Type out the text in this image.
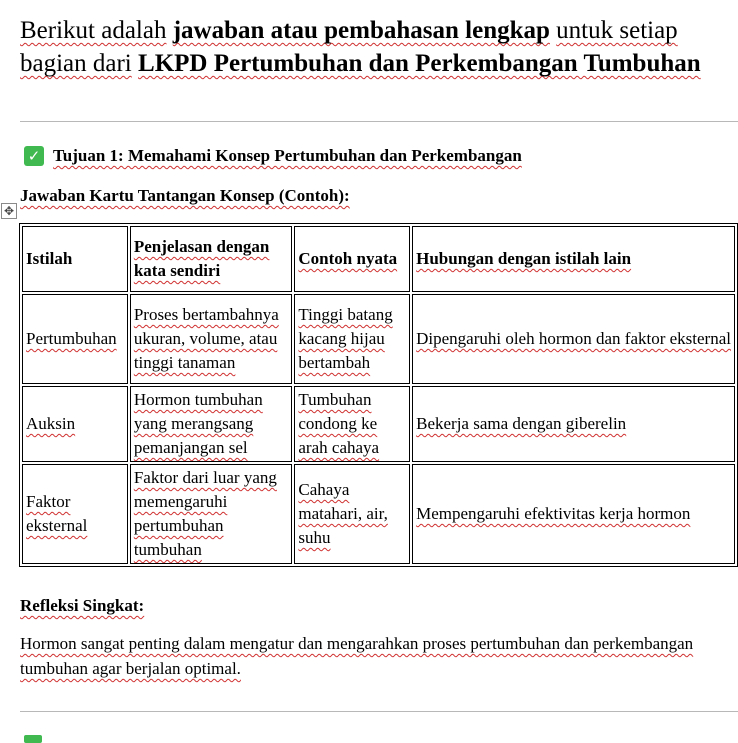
Berikut adalah jawaban atau pembahasan lengkap untuk setiap
bagian dari LKPD Pertumbuhan dan Perkembangan Tumbuhan
✓ Tujuan 1: Memahami Konsep Pertumbuhan dan Perkembangan
Jawaban Kartu Tantangan Konsep (Contoh):
✥
Istilah	Penjelasan dengan kata sendiri	Contoh nyata	Hubungan dengan istilah lain
Pertumbuhan	Proses bertambahnya ukuran, volume, atau tinggi tanaman	Tinggi batang kacang hijau bertambah	Dipengaruhi oleh hormon dan faktor eksternal
Auksin	Hormon tumbuhan yang merangsang pemanjangan sel	Tumbuhan condong ke arah cahaya	Bekerja sama dengan giberelin
Faktor eksternal	Faktor dari luar yang memengaruhi pertumbuhan tumbuhan	Cahaya matahari, air, suhu	Mempengaruhi efektivitas kerja hormon
Refleksi Singkat:
Hormon sangat penting dalam mengatur dan mengarahkan proses pertumbuhan dan perkembangan tumbuhan agar berjalan optimal.
